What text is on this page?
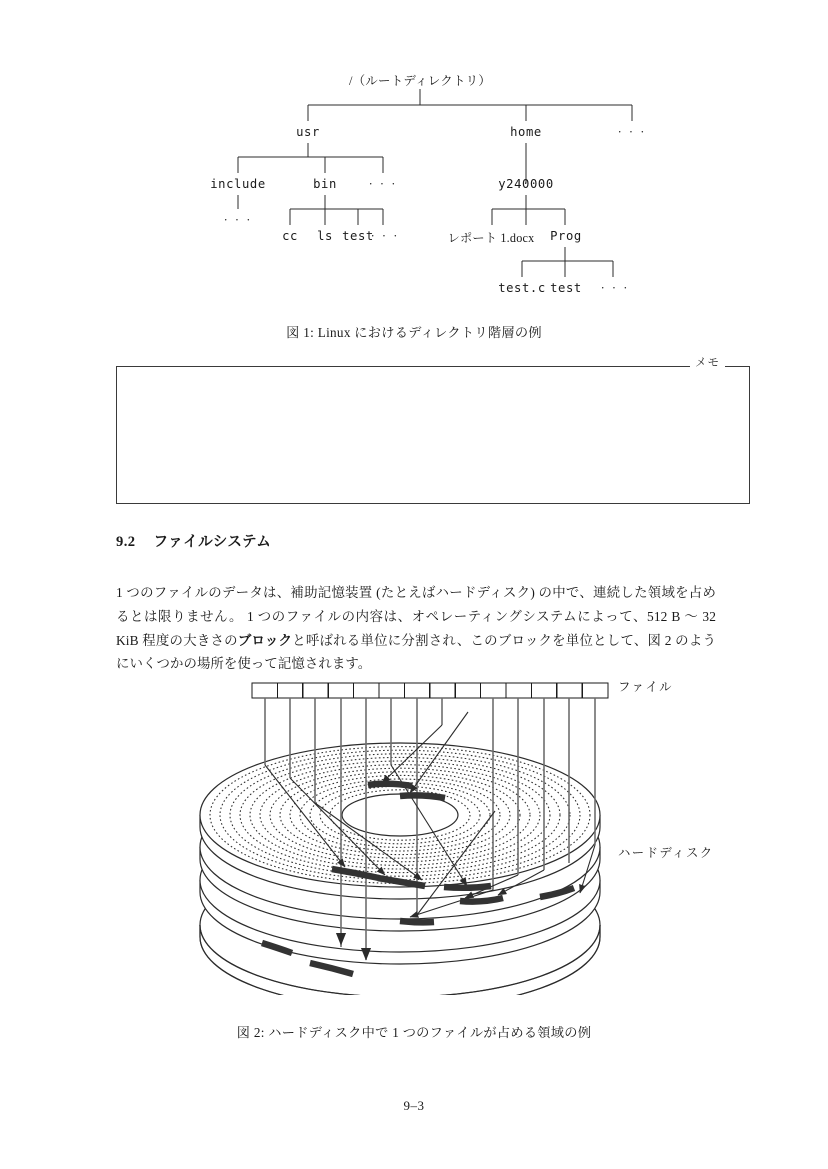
/（ルートディレクトリ）
usr	home	· · ·
include	bin	· · ·	y240000
· · ·
cc ls test
· · ·	レポート 1.docx Prog
test.c test · · ·
図 1: Linux におけるディレクトリ階層の例
メモ
9.2 ファイルシステム

1 つのファイルのデータは、補助記憶装置 (たとえばハードディスク) の中で、連続した領域を占めるとは限りません。 1 つのファイルの内容は、オペレーティングシステムによって、512 B ～ 32 KiB 程度の大きさのブロックと呼ばれる単位に分割され、このブロックを単位として、図 2 のようにいくつかの場所を使って記憶されます。

ファイル
ハードディスク
図 2: ハードディスク中で 1 つのファイルが占める領域の例
9–3
